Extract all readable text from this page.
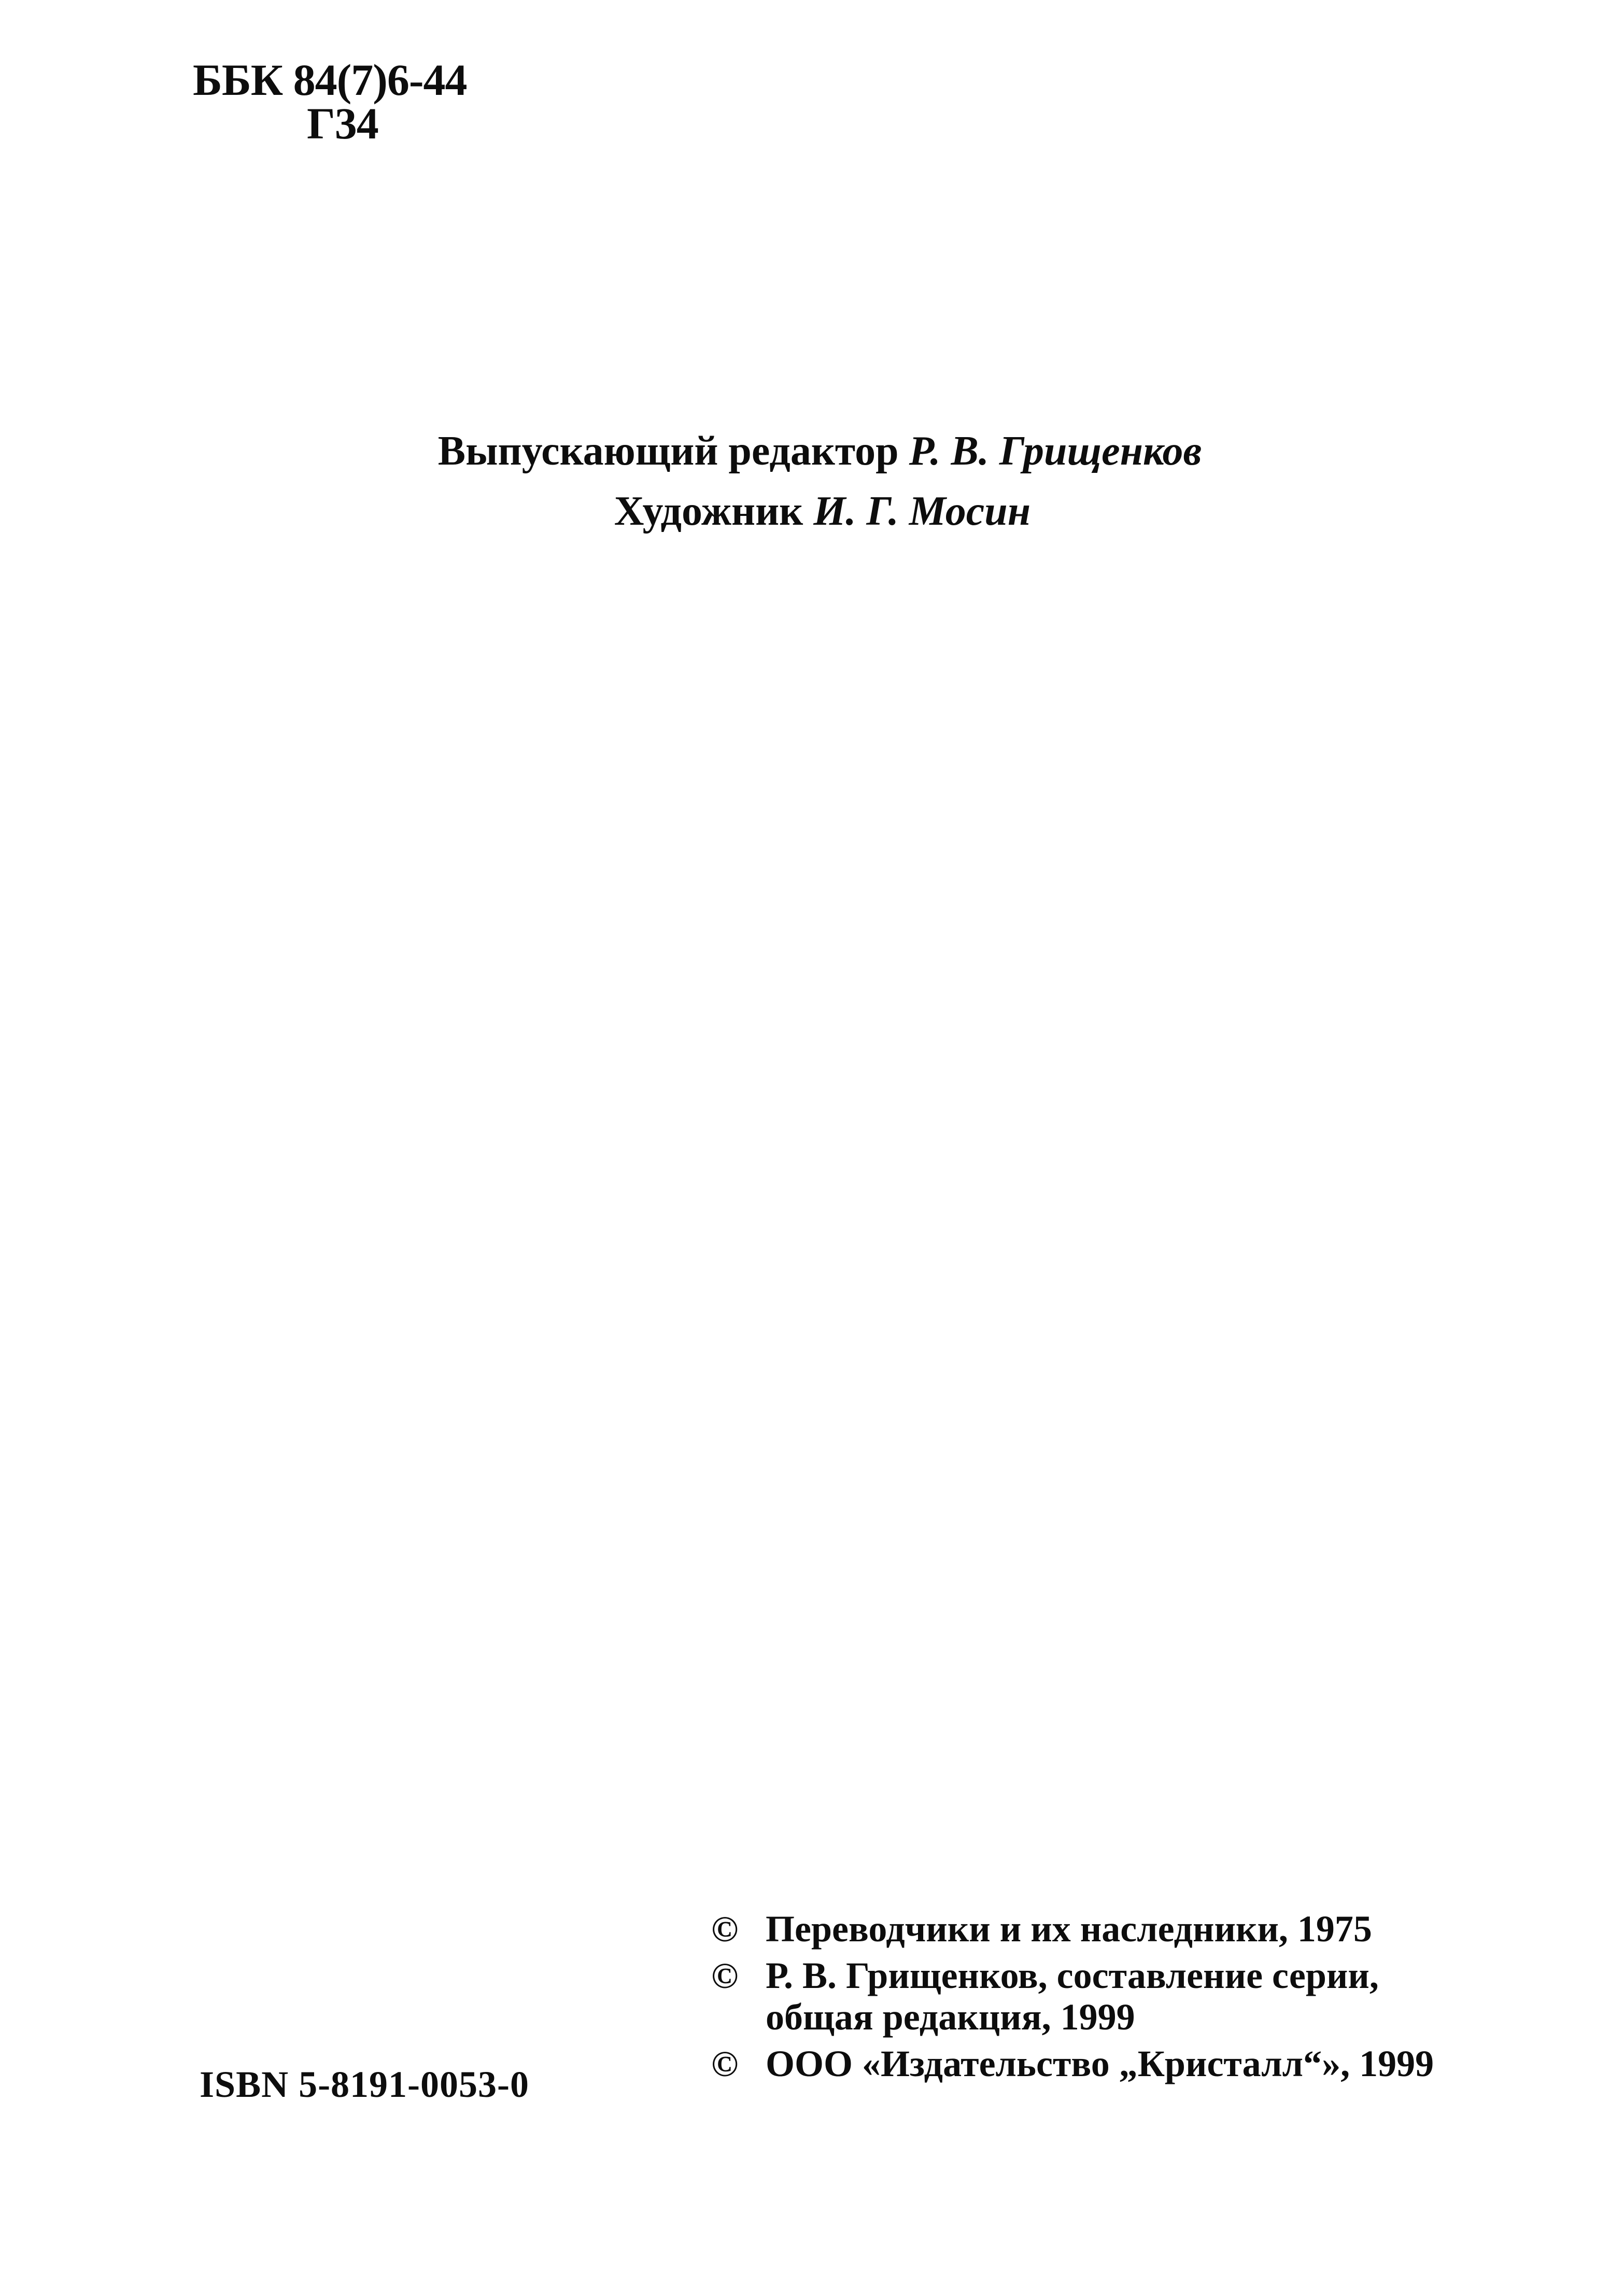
ББК 84(7)6-44
Г34
Выпускающий редактор Р. В. Грищенков
Художник И. Г. Мосин
ISBN 5-8191-0053-0
© Переводчики и их наследники, 1975
© Р. В. Грищенков, составление серии,
общая редакция, 1999
© ООО «Издательство „Кристалл“», 1999
